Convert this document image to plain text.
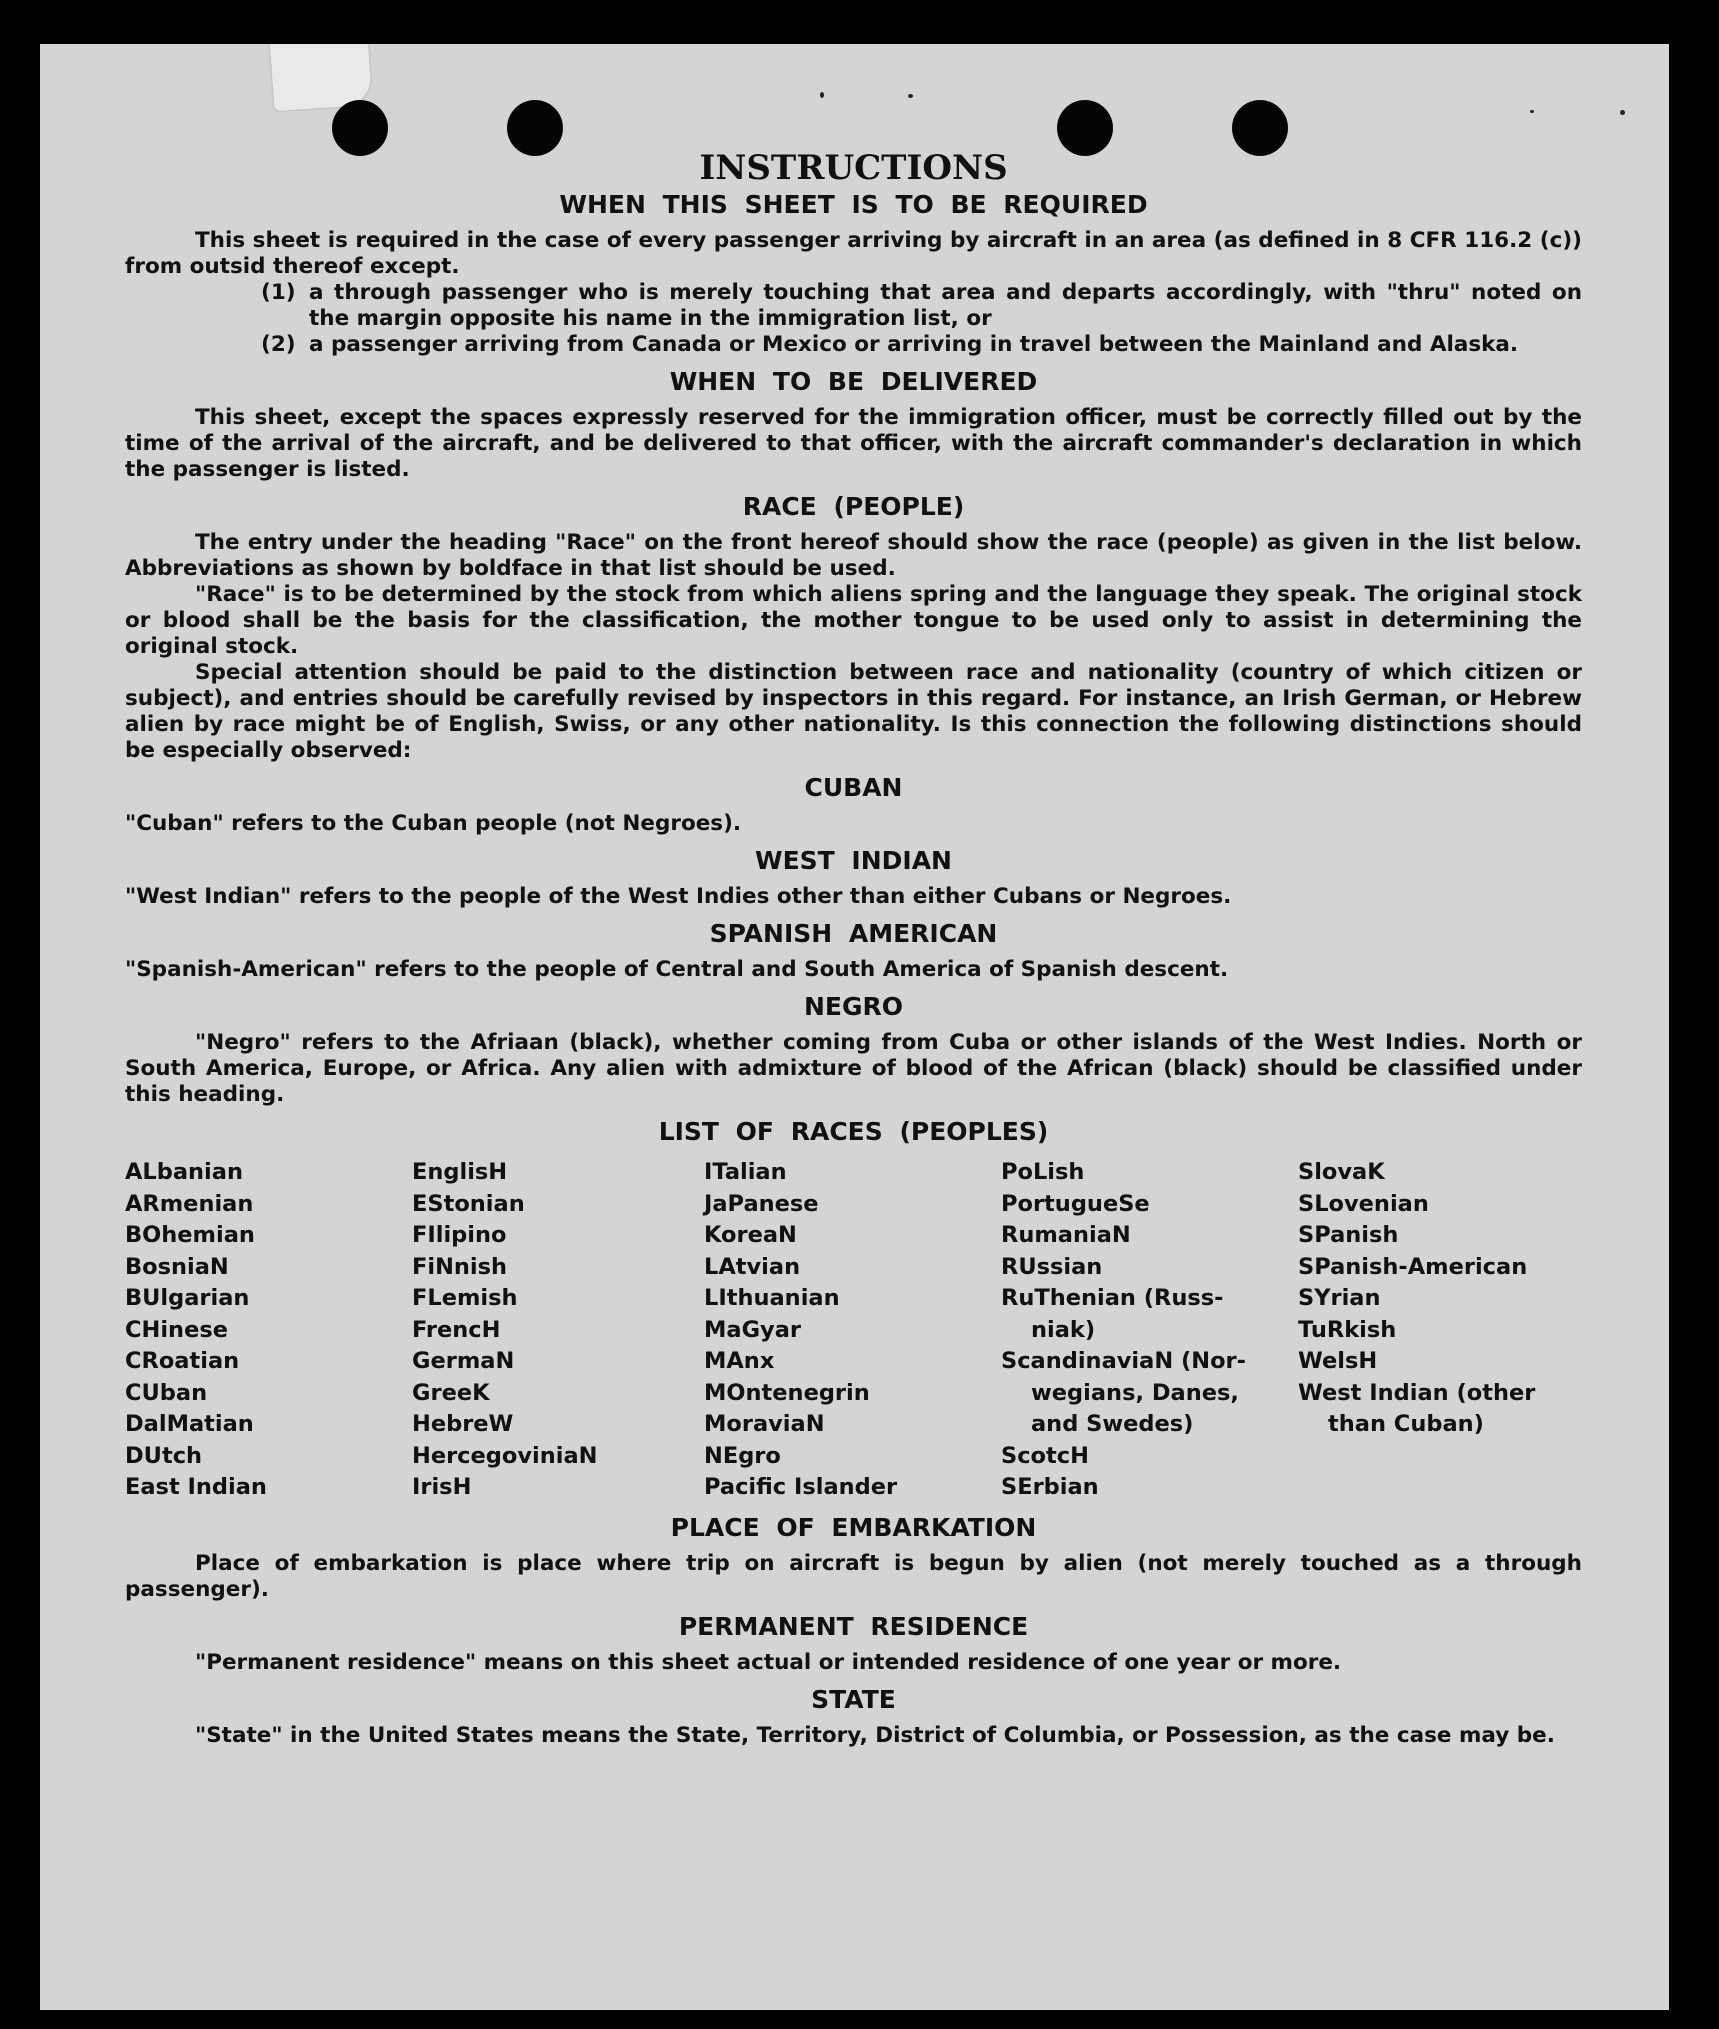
INSTRUCTIONS
WHEN THIS SHEET IS TO BE REQUIRED

This sheet is required in the case of every passenger arriving by aircraft in an area (as defined in 8 CFR 116.2 (c)) from outsid thereof except.

(1) a through passenger who is merely touching that area and departs accordingly, with "thru" noted on the margin opposite his name in the immigration list, or
(2) a passenger arriving from Canada or Mexico or arriving in travel between the Mainland and Alaska.
WHEN TO BE DELIVERED

This sheet, except the spaces expressly reserved for the immigration officer, must be correctly filled out by the time of the arrival of the aircraft, and be delivered to that officer, with the aircraft commander's declaration in which the passenger is listed.

RACE (PEOPLE)

The entry under the heading "Race" on the front hereof should show the race (people) as given in the list below. Abbreviations as shown by boldface in that list should be used.

"Race" is to be determined by the stock from which aliens spring and the language they speak. The original stock or blood shall be the basis for the classification, the mother tongue to be used only to assist in determining the original stock.

Special attention should be paid to the distinction between race and nationality (country of which citizen or subject), and entries should be carefully revised by inspectors in this regard. For instance, an Irish German, or Hebrew alien by race might be of English, Swiss, or any other nationality. Is this connection the following distinctions should be especially observed:

CUBAN

"Cuban" refers to the Cuban people (not Negroes).

WEST INDIAN

"West Indian" refers to the people of the West Indies other than either Cubans or Negroes.

SPANISH AMERICAN

"Spanish-American" refers to the people of Central and South America of Spanish descent.

NEGRO

"Negro" refers to the Afriaan (black), whether coming from Cuba or other islands of the West Indies. North or South America, Europe, or Africa. Any alien with admixture of blood of the African (black) should be classified under this heading.

LIST OF RACES (PEOPLES)
ALbanian
ARmenian
BOhemian
BosniaN
BUlgarian
CHinese
CRoatian
CUban
DalMatian
DUtch
East Indian
EnglisH
EStonian
FIlipino
FiNnish
FLemish
FrencH
GermaN
GreeK
HebreW
HercegoviniaN
IrisH
ITalian
JaPanese
KoreaN
LAtvian
LIthuanian
MaGyar
MAnx
MOntenegrin
MoraviaN
NEgro
Pacific Islander
PoLish
PortugueSe
RumaniaN
RUssian
RuThenian (Russ-
niak)
ScandinaviaN (Nor-
wegians, Danes,
and Swedes)
ScotcH
SErbian
SlovaK
SLovenian
SPanish
SPanish-American
SYrian
TuRkish
WelsH
West Indian (other
than Cuban)
PLACE OF EMBARKATION

Place of embarkation is place where trip on aircraft is begun by alien (not merely touched as a through passenger).

PERMANENT RESIDENCE

"Permanent residence" means on this sheet actual or intended residence of one year or more.

STATE

"State" in the United States means the State, Territory, District of Columbia, or Possession, as the case may be.
